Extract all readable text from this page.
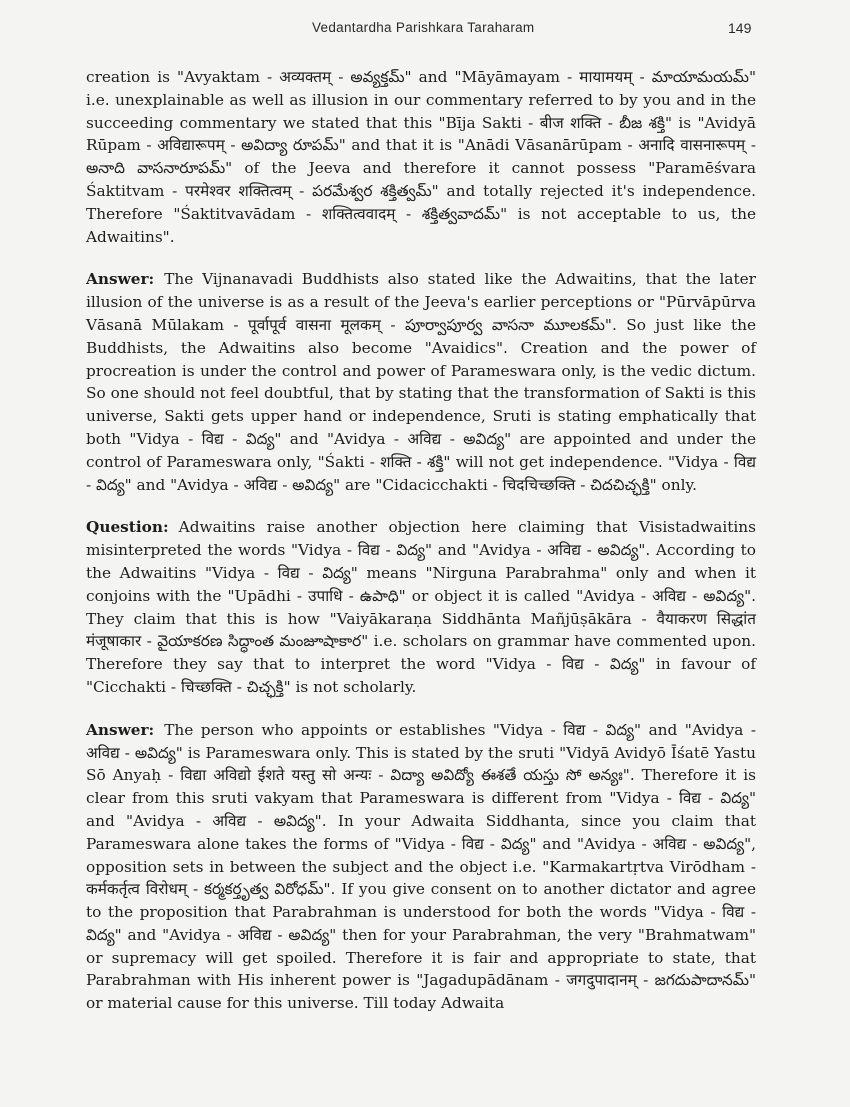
Vedantardha Parishkara Taraharam	149

creation is "Avyaktam - अव्यक्तम् - అవ్యక్తమ్" and "Māyāmayam - मायामयम् - మాయామయమ్" i.e. unexplainable as well as illusion in our commentary referred to by you and in the succeeding commentary we stated that this "Bīja Sakti - बीज शक्ति - బీజ శక్తి" is "Avidyā Rūpam - अविद्यारूपम् - అవిద్యా రూపమ్" and that it is "Anādi Vāsanārūpam - अनादि वासनारूपम् - అనాది వాసనారూపమ్" of the Jeeva and therefore it cannot possess "Paramēśvara Śaktitvam - परमेश्वर शक्तित्वम् - పరమేశ్వర శక్తిత్వమ్" and totally rejected it's independence. Therefore "Śaktitvavādam - शक्तित्ववादम् - శక్తిత్వవాదమ్" is not acceptable to us, the Adwaitins".

Answer: The Vijnanavadi Buddhists also stated like the Adwaitins, that the later illusion of the universe is as a result of the Jeeva's earlier perceptions or "Pūrvāpūrva Vāsanā Mūlakam - पूर्वापूर्व वासना मूलकम् - పూర్వాపూర్వ వాసనా మూలకమ్". So just like the Buddhists, the Adwaitins also become "Avaidics". Creation and the power of procreation is under the control and power of Parameswara only, is the vedic dictum. So one should not feel doubtful, that by stating that the transformation of Sakti is this universe, Sakti gets upper hand or independence, Sruti is stating emphatically that both "Vidya - विद्य - విద్య" and "Avidya - अविद्य - అవిద్య" are appointed and under the control of Parameswara only, "Śakti - शक्ति - శక్తి" will not get independence. "Vidya - विद्य - విద్య" and "Avidya - अविद्य - అవిద్య" are "Cidacicchakti - चिदचिच्छक्ति - చిదచిచ్ఛక్తి" only.

Question: Adwaitins raise another objection here claiming that Visistadwaitins misinterpreted the words "Vidya - विद्य - విద్య" and "Avidya - अविद्य - అవిద్య". According to the Adwaitins "Vidya - विद्य - విద్య" means "Nirguna Parabrahma" only and when it conjoins with the "Upādhi - उपाधि - ఉపాధి" or object it is called "Avidya - अविद्य - అవిద్య". They claim that this is how "Vaiyākaraṇa Siddhānta Mañjūṣākāra - वैयाकरण सिद्धांत मंजूषाकार - వైయాకరణ సిద్ధాంత మంజూషాకార" i.e. scholars on grammar have commented upon. Therefore they say that to interpret the word "Vidya - विद्य - విద్య" in favour of "Cicchakti - चिच्छक्ति - చిచ్ఛక్తి" is not scholarly.

Answer: The person who appoints or establishes "Vidya - विद्य - విద్య" and "Avidya - अविद्य - అవిద్య" is Parameswara only. This is stated by the sruti "Vidyā Avidyō Īśatē Yastu Sō Anyaḥ - विद्या अविद्यो ईशते यस्तु सो अन्यः - విద్యా అవిద్యో ఈశతే యస్తు సో అన్యః". Therefore it is clear from this sruti vakyam that Parameswara is different from "Vidya - विद्य - విద్య" and "Avidya - अविद्य - అవిద్య". In your Adwaita Siddhanta, since you claim that Parameswara alone takes the forms of "Vidya - विद्य - విద్య" and "Avidya - अविद्य - అవిద్య", opposition sets in between the subject and the object i.e. "Karmakartṛtva Virōdham - कर्मकर्तृत्व विरोधम् - కర్మకర్తృత్వ విరోధమ్". If you give consent on to another dictator and agree to the proposition that Parabrahman is understood for both the words "Vidya - विद्य - విద్య" and "Avidya - अविद्य - అవిద్య" then for your Parabrahman, the very "Brahmatwam" or supremacy will get spoiled. Therefore it is fair and appropriate to state, that Parabrahman with His inherent power is "Jagadupādānam - जगदुपादानम् - జగదుపాదానమ్" or material cause for this universe. Till today Adwaita
